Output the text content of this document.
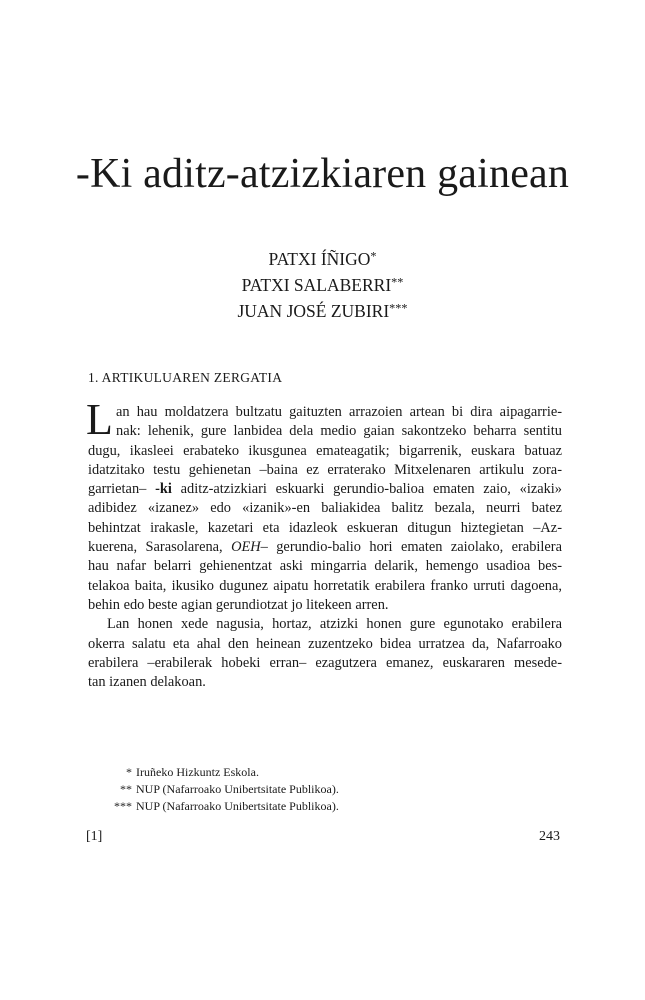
-Ki aditz-atzizkiaren gainean
PATXI ÍÑIGO*
PATXI SALABERRI**
JUAN JOSÉ ZUBIRI***
1. ARTIKULUAREN ZERGATIA
L an hau moldatzera bultzatu gaituzten arrazoien artean bi dira aipagarrie-
nak: lehenik, gure lanbidea dela medio gaian sakontzeko beharra sentitu
dugu, ikasleei erabateko ikusgunea emateagatik; bigarrenik, euskara batuaz
idatzitako testu gehienetan –baina ez erraterako Mitxelenaren artikulu zora-
garrietan– -ki aditz-atzizkiari eskuarki gerundio-balioa ematen zaio, «izaki»
adibidez «izanez» edo «izanik»-en baliakidea balitz bezala, neurri batez
behintzat irakasle, kazetari eta idazleok eskueran ditugun hiztegietan –Az-
kuerena, Sarasolarena, OEH– gerundio-balio hori ematen zaiolako, erabilera
hau nafar belarri gehienentzat aski mingarria delarik, hemengo usadioa bes-
telakoa baita, ikusiko dugunez aipatu horretatik erabilera franko urruti dagoena,
behin edo beste agian gerundiotzat jo litekeen arren.
Lan honen xede nagusia, hortaz, atzizki honen gure egunotako erabilera
okerra salatu eta ahal den heinean zuzentzeko bidea urratzea da, Nafarroako
erabilera –erabilerak hobeki erran– ezagutzera emanez, euskararen mesede-
tan izanen delakoan.
* Iruñeko Hizkuntz Eskola.
** NUP (Nafarroako Unibertsitate Publikoa).
*** NUP (Nafarroako Unibertsitate Publikoa).
[1]	243
